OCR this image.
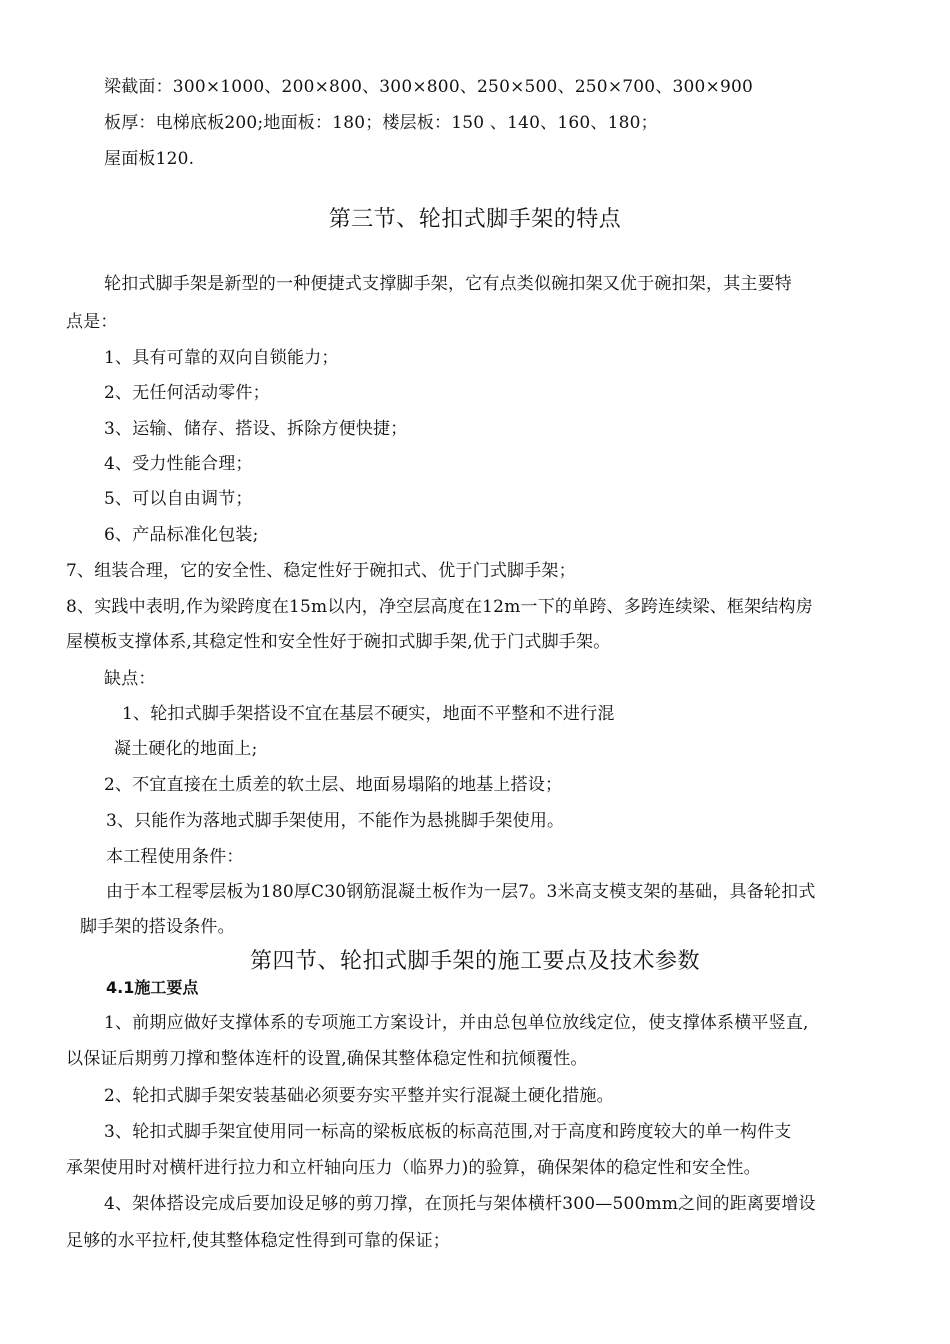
梁截面：300×1000、200×800、300×800、250×500、250×700、300×900
板厚：电梯底板200;地面板：180；楼层板：150 、140、160、180；
屋面板120.
第三节、轮扣式脚手架的特点
轮扣式脚手架是新型的一种便捷式支撑脚手架，它有点类似碗扣架又优于碗扣架，其主要特
点是：
1、具有可靠的双向自锁能力；
2、无任何活动零件；
3、运输、储存、搭设、拆除方便快捷；
4、受力性能合理；
5、可以自由调节；
6、产品标准化包装;
7、组装合理，它的安全性、稳定性好于碗扣式、优于门式脚手架；
8、实践中表明,作为梁跨度在15m以内，净空层高度在12m一下的单跨、多跨连续梁、框架结构房
屋模板支撑体系,其稳定性和安全性好于碗扣式脚手架,优于门式脚手架。
缺点：
1、轮扣式脚手架搭设不宜在基层不硬实，地面不平整和不进行混
凝土硬化的地面上;
2、不宜直接在土质差的软土层、地面易塌陷的地基上搭设；
3、只能作为落地式脚手架使用，不能作为悬挑脚手架使用。
本工程使用条件：
由于本工程零层板为180厚C30钢筋混凝土板作为一层7。3米高支模支架的基础，具备轮扣式
脚手架的搭设条件。
第四节、轮扣式脚手架的施工要点及技术参数
4.1施工要点
1、前期应做好支撑体系的专项施工方案设计，并由总包单位放线定位，使支撑体系横平竖直,
以保证后期剪刀撑和整体连杆的设置,确保其整体稳定性和抗倾覆性。
2、轮扣式脚手架安装基础必须要夯实平整并实行混凝土硬化措施。
3、轮扣式脚手架宜使用同一标高的梁板底板的标高范围,对于高度和跨度较大的单一构件支
承架使用时对横杆进行拉力和立杆轴向压力（临界力)的验算，确保架体的稳定性和安全性。
4、架体搭设完成后要加设足够的剪刀撑，在顶托与架体横杆300—500mm之间的距离要增设
足够的水平拉杆,使其整体稳定性得到可靠的保证；
